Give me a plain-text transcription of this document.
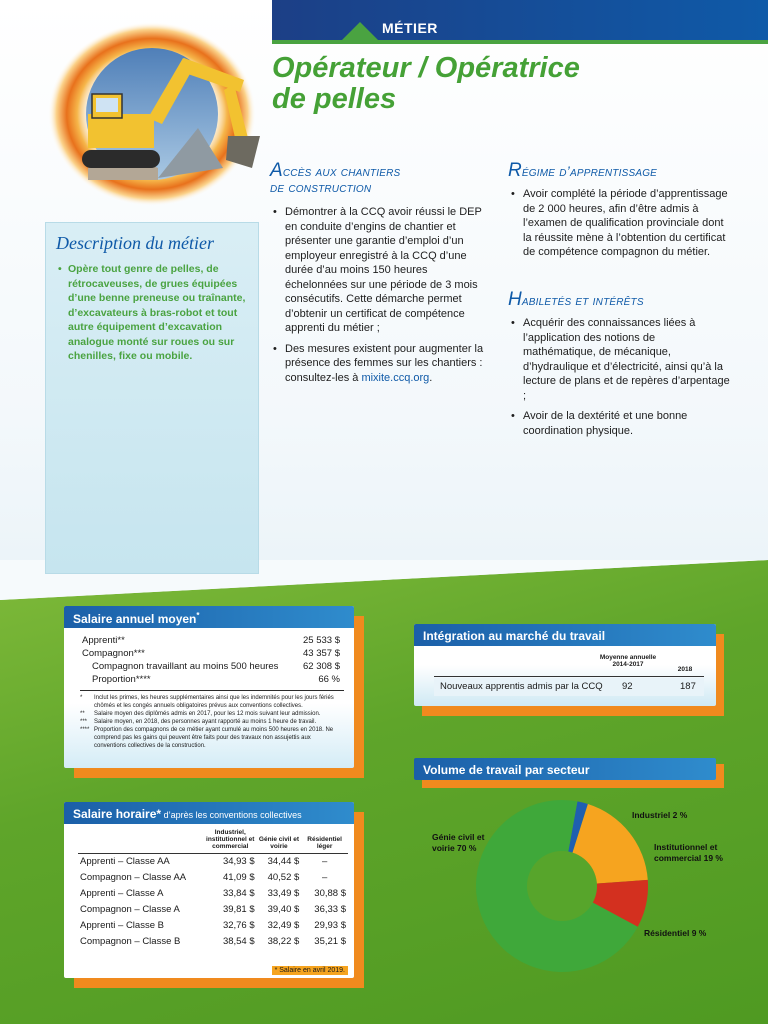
MÉTIER
Opérateur / Opératrice
de pelles
Description du métier
• Opère tout genre de pelles, de rétrocaveuses, de grues équipées d’une benne preneuse ou traînante, d’excavateurs à bras-robot et tout autre équipement d’excavation analogue monté sur roues ou sur chenilles, fixe ou mobile.
Accès aux chantiers
de construction
• Démontrer à la CCQ avoir réussi le DEP en conduite d’engins de chantier et présenter une garantie d’emploi d’un employeur enregistré à la CCQ d’une durée d’au moins 150 heures échelonnées sur une période de 3 mois consécutifs. Cette démarche permet d’obtenir un certificat de compétence apprenti du métier ;
• Des mesures existent pour augmenter la présence des femmes sur les chantiers : consultez-les à mixite.ccq.org.
Régime d’apprentissage
• Avoir complété la période d’apprentissage de 2 000 heures, afin d’être admis à l’examen de qualification provinciale dont la réussite mène à l’obtention du certificat de compétence compagnon du métier.
Habiletés et intérêts
• Acquérir des connaissances liées à l’application des notions de mathématique, de mécanique, d’hydraulique et d’électricité, ainsi qu’à la lecture de plans et de repères d’arpentage ;
• Avoir de la dextérité et une bonne coordination physique.
Salaire annuel moyen*
Apprenti**	25 533 $
Compagnon***	43 357 $
Compagnon travaillant au moins 500 heures	62 308 $
Proportion****	66 %
*	Inclut les primes, les heures supplémentaires ainsi que les indemnités pour les jours fériés chômés et les congés annuels obligatoires prévus aux conventions collectives.
**	Salaire moyen des diplômés admis en 2017, pour les 12 mois suivant leur admission.
***	Salaire moyen, en 2018, des personnes ayant rapporté au moins 1 heure de travail.
**** Proportion des compagnons de ce métier ayant cumulé au moins 500 heures en 2018. Ne comprend pas les gains qui peuvent être faits pour des travaux non assujettis aux conventions collectives de la construction.
Salaire horaire* d’après les conventions collectives
	Industriel, institutionnel et commercial	Génie civil et voirie	Résidentiel léger
Apprenti – Classe AA	34,93 $	34,44 $	–
Compagnon – Classe AA	41,09 $	40,52 $	–
Apprenti – Classe A	33,84 $	33,49 $	30,88 $
Compagnon – Classe A	39,81 $	39,40 $	36,33 $
Apprenti – Classe B	32,76 $	32,49 $	29,93 $
Compagnon – Classe B	38,54 $	38,22 $	35,21 $
* Salaire en avril 2019.
Intégration au marché du travail
Moyenne annuelle 2014-2017
2018
Nouveaux apprentis admis par la CCQ 92	187
Volume de travail par secteur
Génie civil et voirie 70 %
Industriel 2 %
Institutionnel et commercial 19 %
Résidentiel 9 %
